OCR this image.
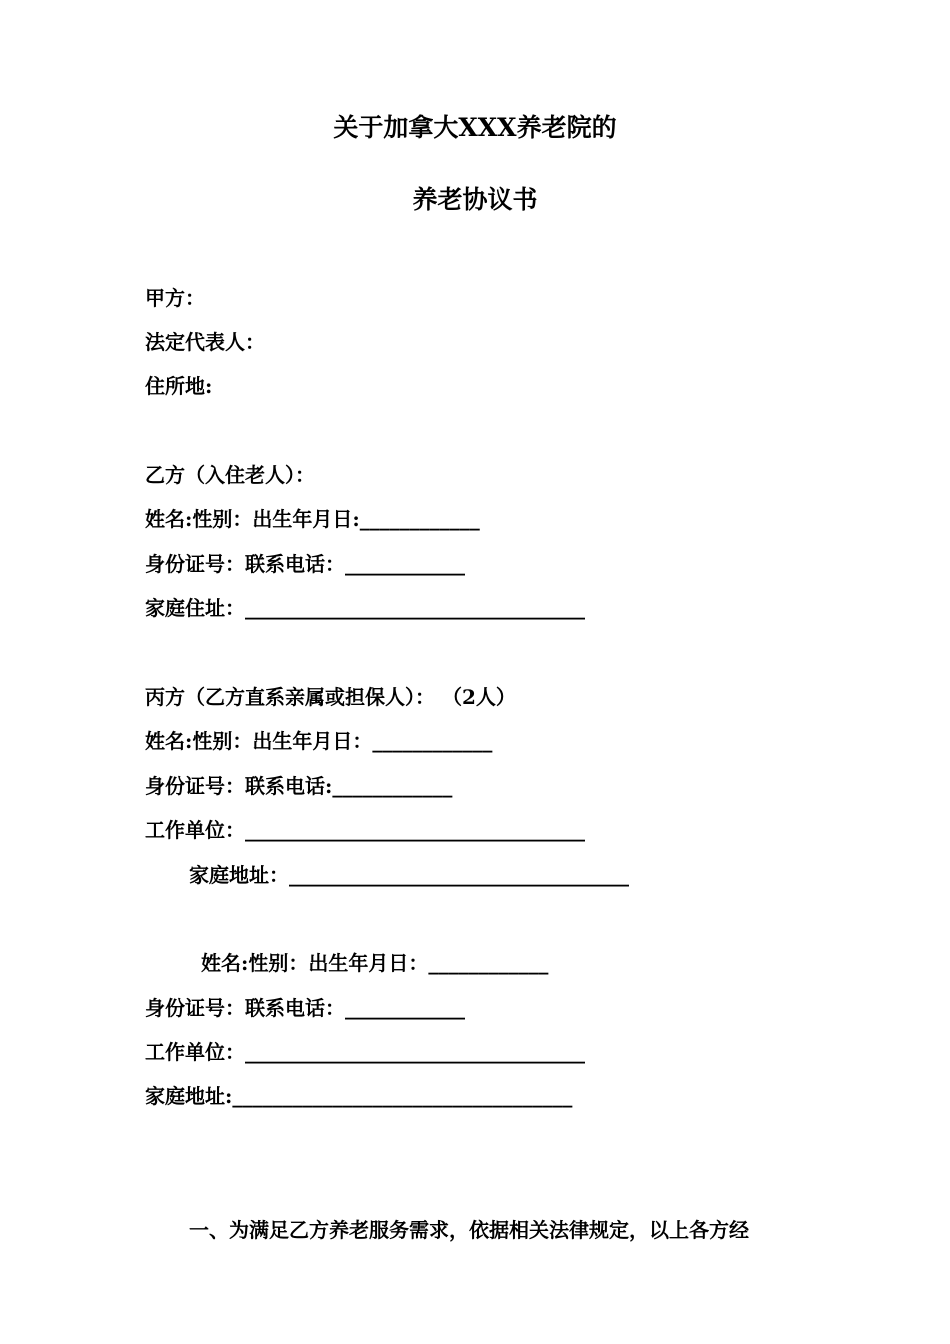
关于加拿大XXX养老院的
养老协议书
甲方：
法定代表人：
住所地:
乙方（入住老人）：
姓名:性别：出生年月日:____________
身份证号：联系电话：____________
家庭住址：__________________________________
丙方（乙方直系亲属或担保人）： （2人）
姓名:性别：出生年月日：____________
身份证号：联系电话:____________
工作单位：__________________________________
家庭地址：__________________________________
姓名:性别：出生年月日：____________
身份证号：联系电话：____________
工作单位：__________________________________
家庭地址:__________________________________
一、为满足乙方养老服务需求，依据相关法律规定，以上各方经
